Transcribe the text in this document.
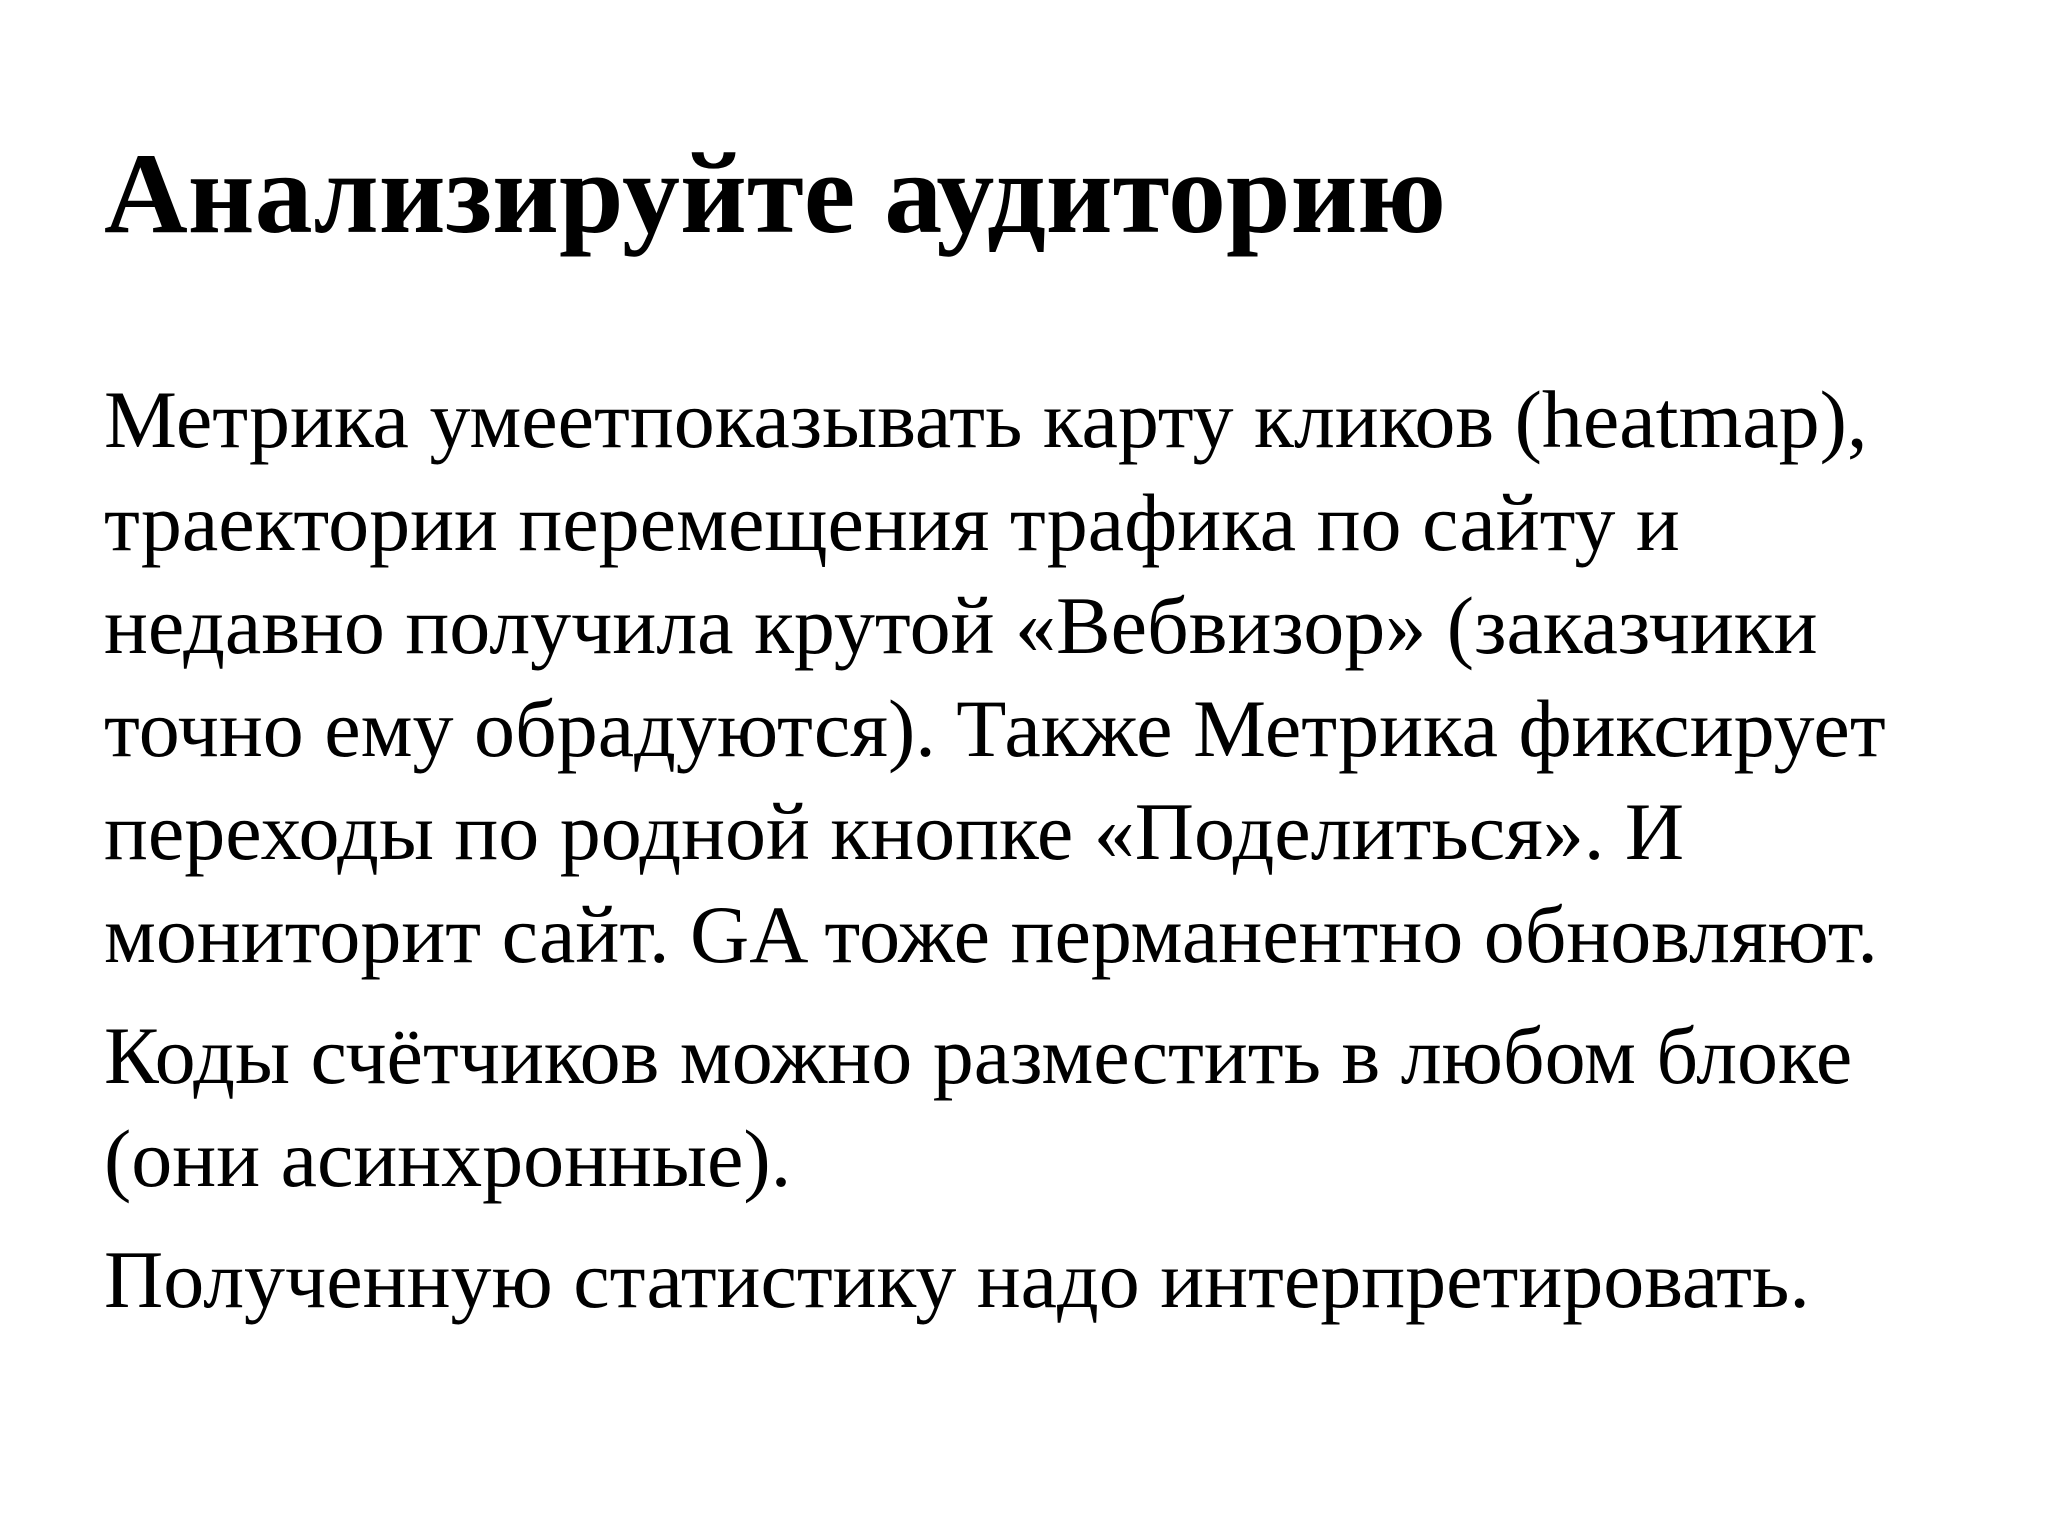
Анализируйте аудиторию

Метрика умеетпоказывать карту кликов (heatmap),
траектории перемещения трафика по сайту и
недавно получила крутой «Вебвизор» (заказчики
точно ему обрадуются). Также Метрика фиксирует
переходы по родной кнопке «Поделиться». И
мониторит сайт. GA тоже перманентно обновляют.

Коды счётчиков можно разместить в любом блоке
(они асинхронные).

Полученную статистику надо интерпретировать.
